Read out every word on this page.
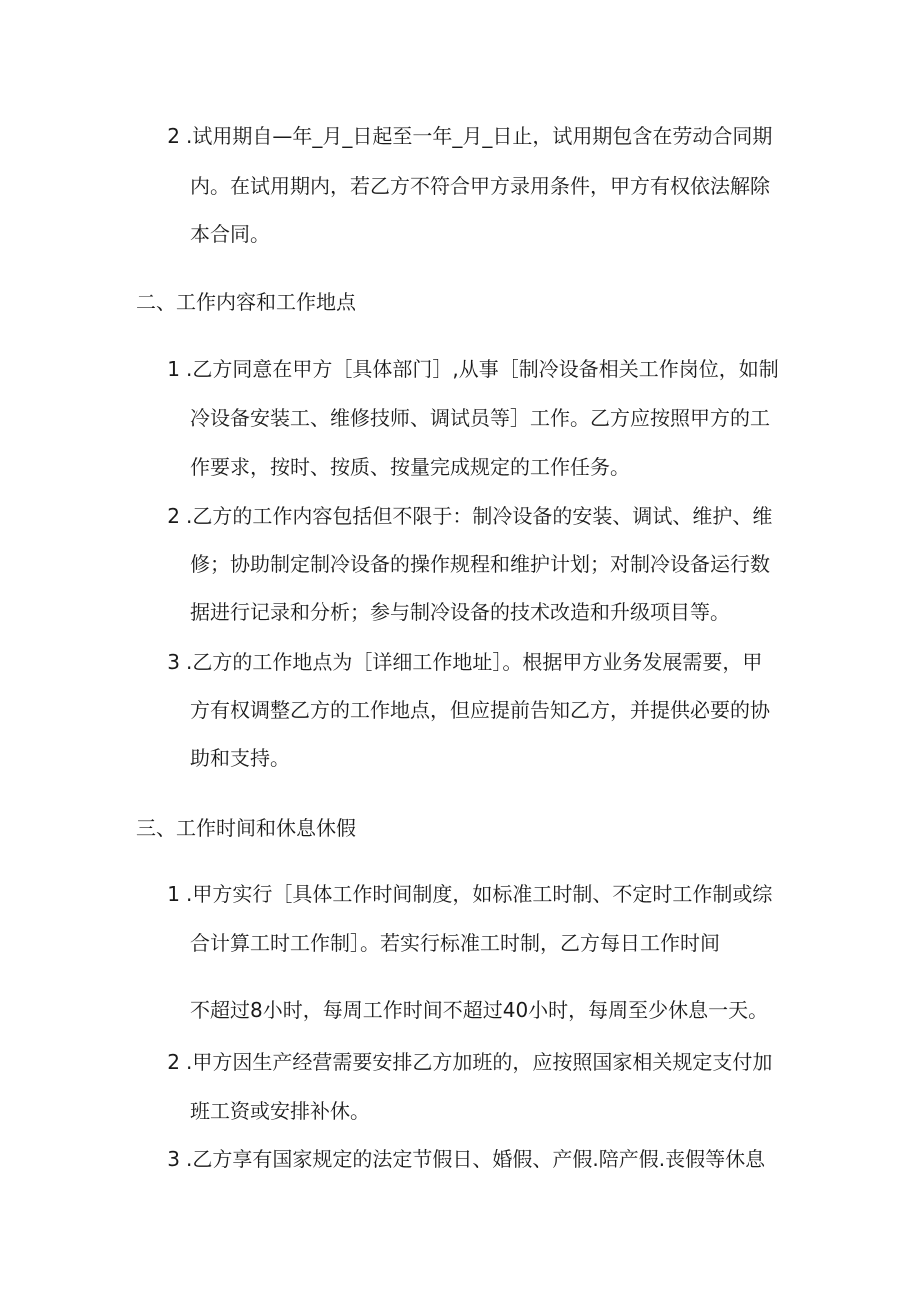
2 .试用期自—年_月_日起至一年_月_日止，试用期包含在劳动合同期
内。在试用期内，若乙方不符合甲方录用条件，甲方有权依法解除
本合同。
二、工作内容和工作地点
1 .乙方同意在甲方［具体部门］,从事［制冷设备相关工作岗位，如制
冷设备安装工、维修技师、调试员等］工作。乙方应按照甲方的工
作要求，按时、按质、按量完成规定的工作任务。
2 .乙方的工作内容包括但不限于：制冷设备的安装、调试、维护、维
修；协助制定制冷设备的操作规程和维护计划；对制冷设备运行数
据进行记录和分析；参与制冷设备的技术改造和升级项目等。
3 .乙方的工作地点为［详细工作地址］。根据甲方业务发展需要，甲
方有权调整乙方的工作地点，但应提前告知乙方，并提供必要的协
助和支持。
三、工作时间和休息休假
1 .甲方实行［具体工作时间制度，如标准工时制、不定时工作制或综
合计算工时工作制］。若实行标准工时制，乙方每日工作时间
不超过8小时，每周工作时间不超过40小时，每周至少休息一天。
2 .甲方因生产经营需要安排乙方加班的，应按照国家相关规定支付加
班工资或安排补休。
3 .乙方享有国家规定的法定节假日、婚假、产假.陪产假.丧假等休息
